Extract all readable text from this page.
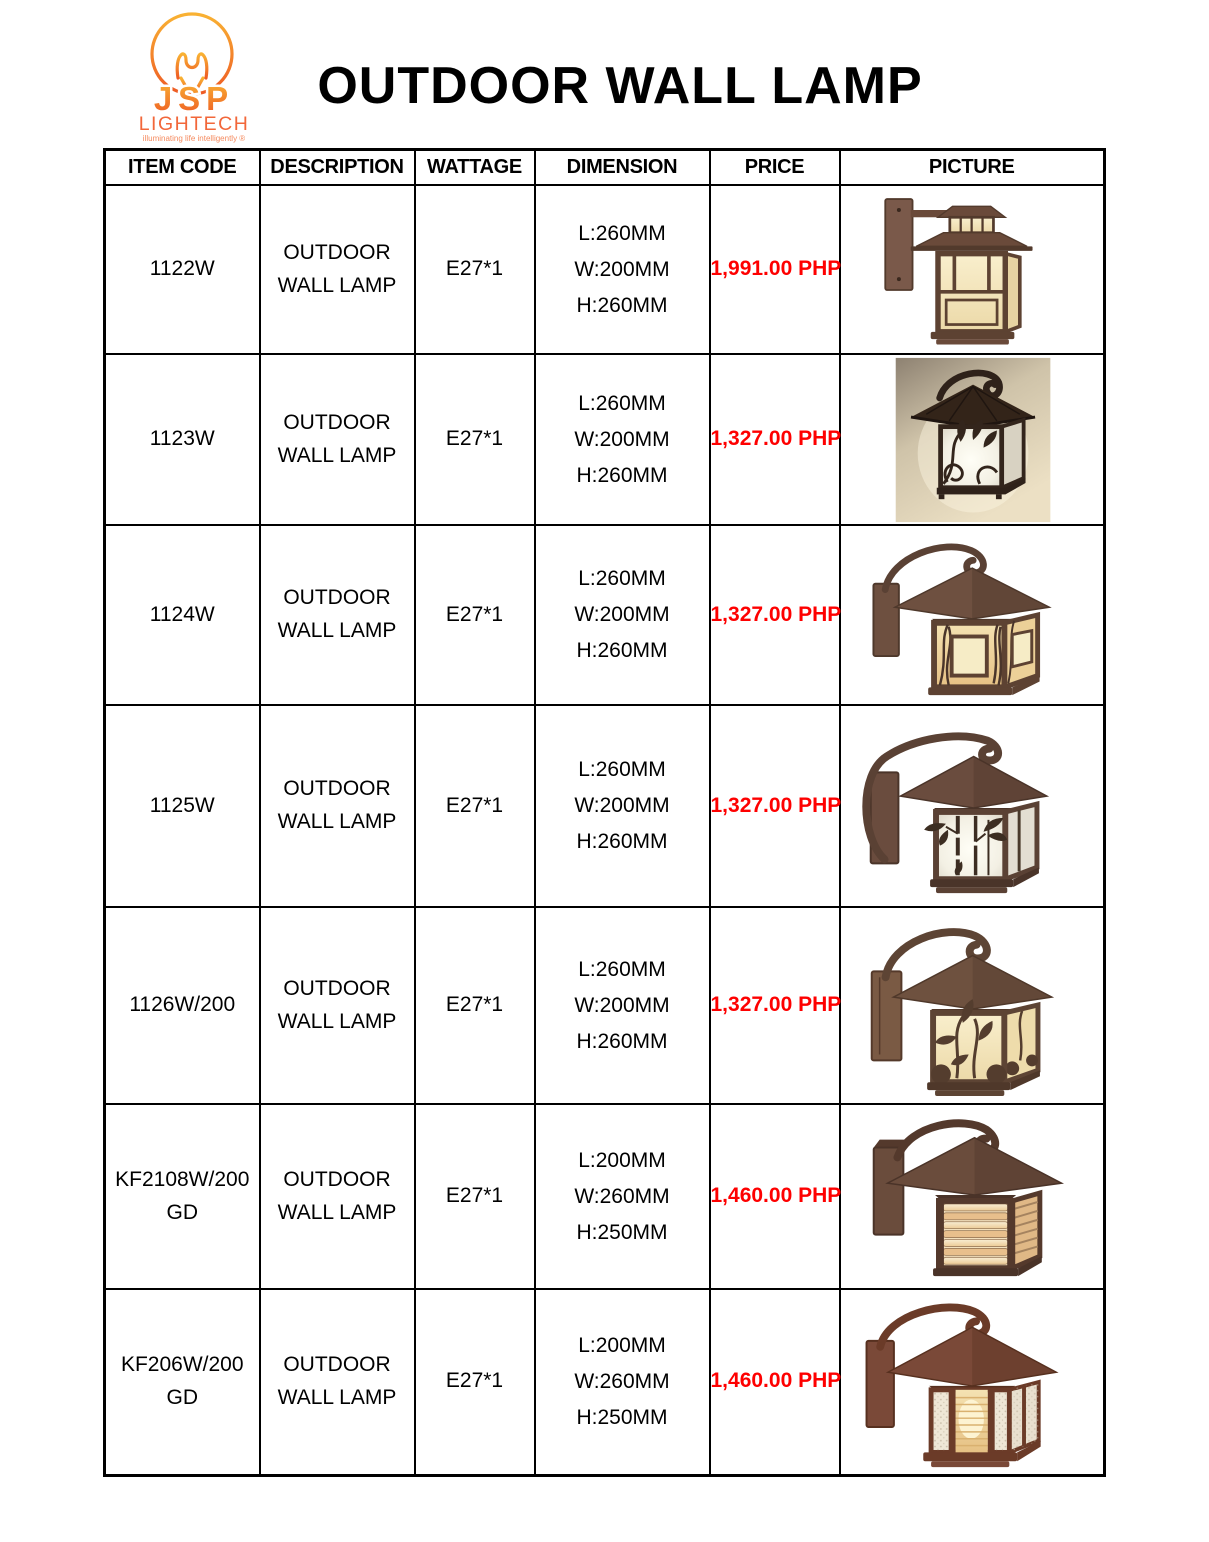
JSP
LIGHTECH
illuminating life intelligently ®
OUTDOOR WALL LAMP
ITEM CODE	DESCRIPTION	WATTAGE	DIMENSION	PRICE	PICTURE
1122W	OUTDOOR WALL LAMP	E27*1	L:260MM
W:200MM
H:260MM	1,991.00 PHP	

1123W	OUTDOOR WALL LAMP	E27*1	L:260MM
W:200MM
H:260MM	1,327.00 PHP	

1124W	OUTDOOR WALL LAMP	E27*1	L:260MM
W:200MM
H:260MM	1,327.00 PHP	

1125W	OUTDOOR WALL LAMP	E27*1	L:260MM
W:200MM
H:260MM	1,327.00 PHP	

1126W/200	OUTDOOR WALL LAMP	E27*1	L:260MM
W:200MM
H:260MM	1,327.00 PHP	

KF2108W/200 GD	OUTDOOR WALL LAMP	E27*1	L:200MM
W:260MM
H:250MM	1,460.00 PHP	

KF206W/200 GD	OUTDOOR WALL LAMP	E27*1	L:200MM
W:260MM
H:250MM	1,460.00 PHP	
